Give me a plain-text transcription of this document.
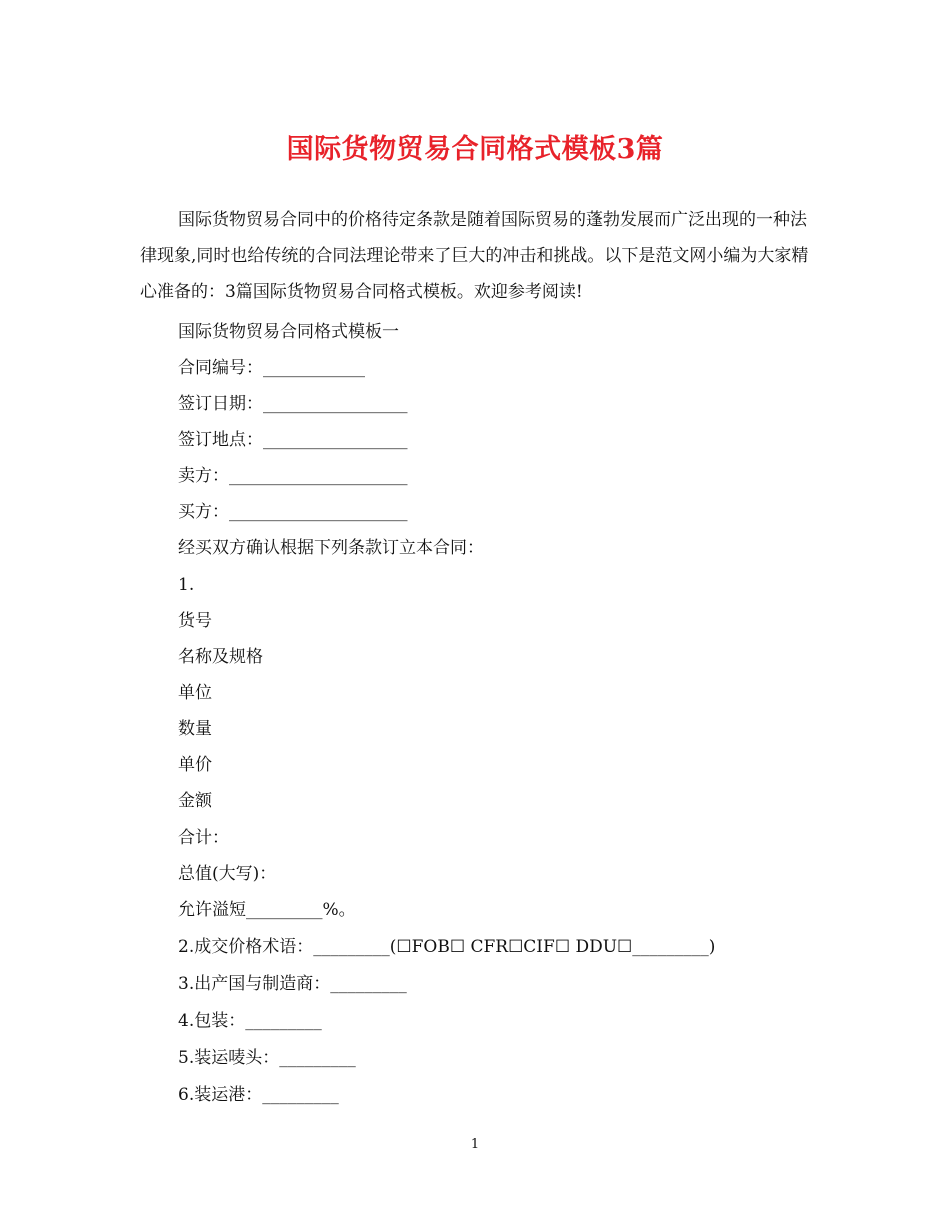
国际货物贸易合同格式模板3篇

国际货物贸易合同中的价格待定条款是随着国际贸易的蓬勃发展而广泛出现的一种法律现象,同时也给传统的合同法理论带来了巨大的冲击和挑战。以下是范文网小编为大家精心准备的：3篇国际货物贸易合同格式模板。欢迎参考阅读!

国际货物贸易合同格式模板一

合同编号：____________

签订日期：_________________

签订地点：_________________

卖方：_____________________

买方：_____________________

经买双方确认根据下列条款订立本合同：

1.

货号

名称及规格

单位

数量

单价

金额

合计：

总值(大写)：

允许溢短_________%。

2.成交价格术语：_________(☐FOB☐ CFR☐CIF☐ DDU☐_________)

3.出产国与制造商：_________

4.包装：_________

5.装运唛头：_________

6.装运港：_________

1
